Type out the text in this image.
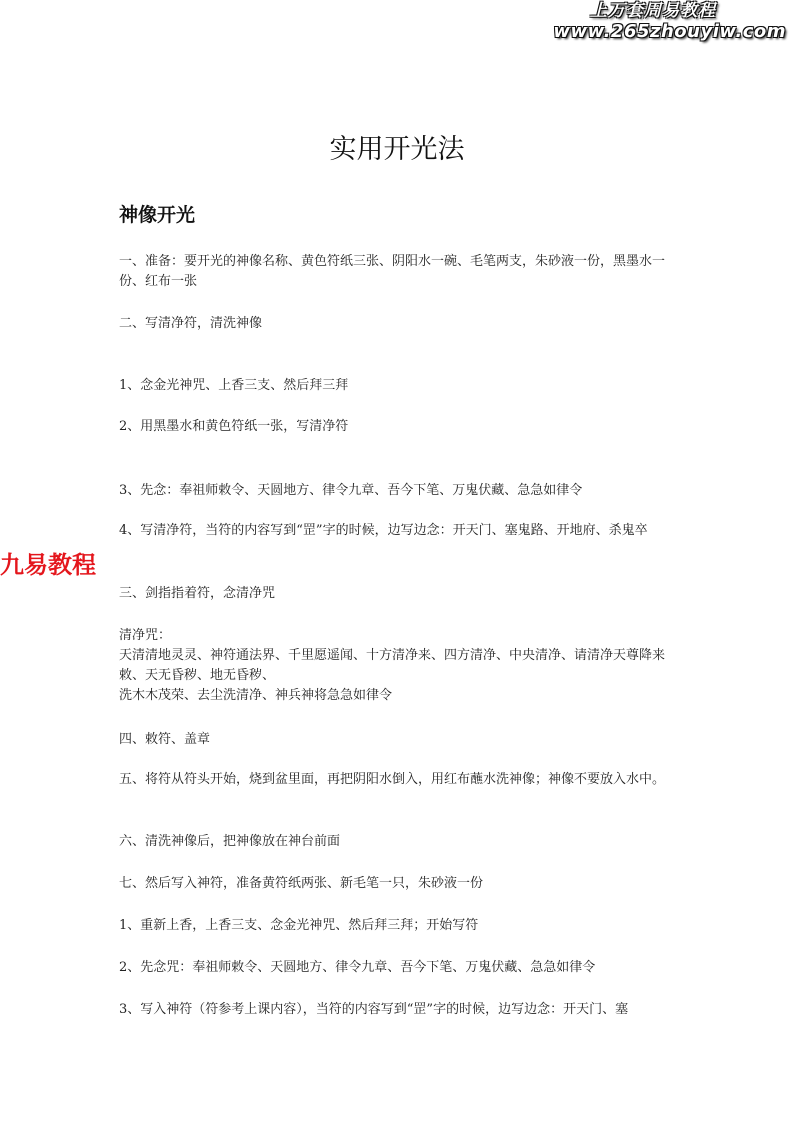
上万套周易教程
www.265zhouyiw.com
九易教程
实用开光法
神像开光

一、准备：要开光的神像名称、黄色符纸三张、阴阳水一碗、毛笔两支，朱砂液一份，黑墨水一份、红布一张

二、写清净符，清洗神像

1、念金光神咒、上香三支、然后拜三拜

2、用黑墨水和黄色符纸一张，写清净符

3、先念：奉祖师敕令、天圆地方、律令九章、吾今下笔、万鬼伏藏、急急如律令

4、写清净符，当符的内容写到“罡”字的时候，边写边念：开天门、塞鬼路、开地府、杀鬼卒

三、剑指指着符，念清净咒

清净咒：

天清清地灵灵、神符通法界、千里愿遥闻、十方清净来、四方清净、中央清净、请清净天尊降来敕、天无昏秽、地无昏秽、

洗木木茂荣、去尘洗清净、神兵神将急急如律令

四、敕符、盖章

五、将符从符头开始，烧到盆里面，再把阴阳水倒入，用红布蘸水洗神像；神像不要放入水中。

六、清洗神像后，把神像放在神台前面

七、然后写入神符，准备黄符纸两张、新毛笔一只，朱砂液一份

1、重新上香，上香三支、念金光神咒、然后拜三拜；开始写符

2、先念咒：奉祖师敕令、天圆地方、律令九章、吾今下笔、万鬼伏藏、急急如律令

3、写入神符（符参考上课内容），当符的内容写到“罡”字的时候，边写边念：开天门、塞
